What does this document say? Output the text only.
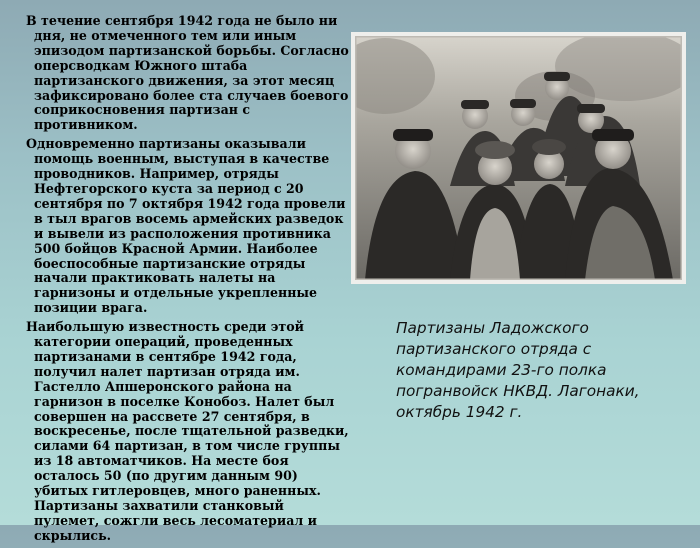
В течение сентября 1942 года не было ни дня, не отмеченного тем или иным эпизодом партизанской борьбы. Согласно оперсводкам Южного штаба партизанского движения, за этот месяц зафиксировано более ста случаев боевого соприкосновения партизан с противником.

Одновременно партизаны оказывали помощь военным, выступая в качестве проводников. Например, отряды Нефтегорского куста за период с 20 сентября по 7 октября 1942 года провели в тыл врагов восемь армейских разведок и вывели из расположения противника 500 бойцов Красной Армии. Наиболее боеспособные партизанские отряды начали практиковать налеты на гарнизоны и отдельные укрепленные позиции врага.

Наибольшую известность среди этой категории операций, проведенных партизанами в сентябре 1942 года, получил налет партизан отряда им. Гастелло Апшеронского района на гарнизон в поселке Конобоз. Налет был совершен на рассвете 27 сентября, в воскресенье, после тщательной разведки, силами 64 партизан, в том числе группы из 18 автоматчиков. На месте боя осталось 50 (по другим данным 90) убитых гитлеровцев, много раненных. Партизаны захватили станковый пулемет, сожгли весь лесоматериал и скрылись.

Партизаны Ладожского партизанского отряда с командирами 23-го полка погранвойск НКВД. Лагонаки, октябрь 1942 г.
